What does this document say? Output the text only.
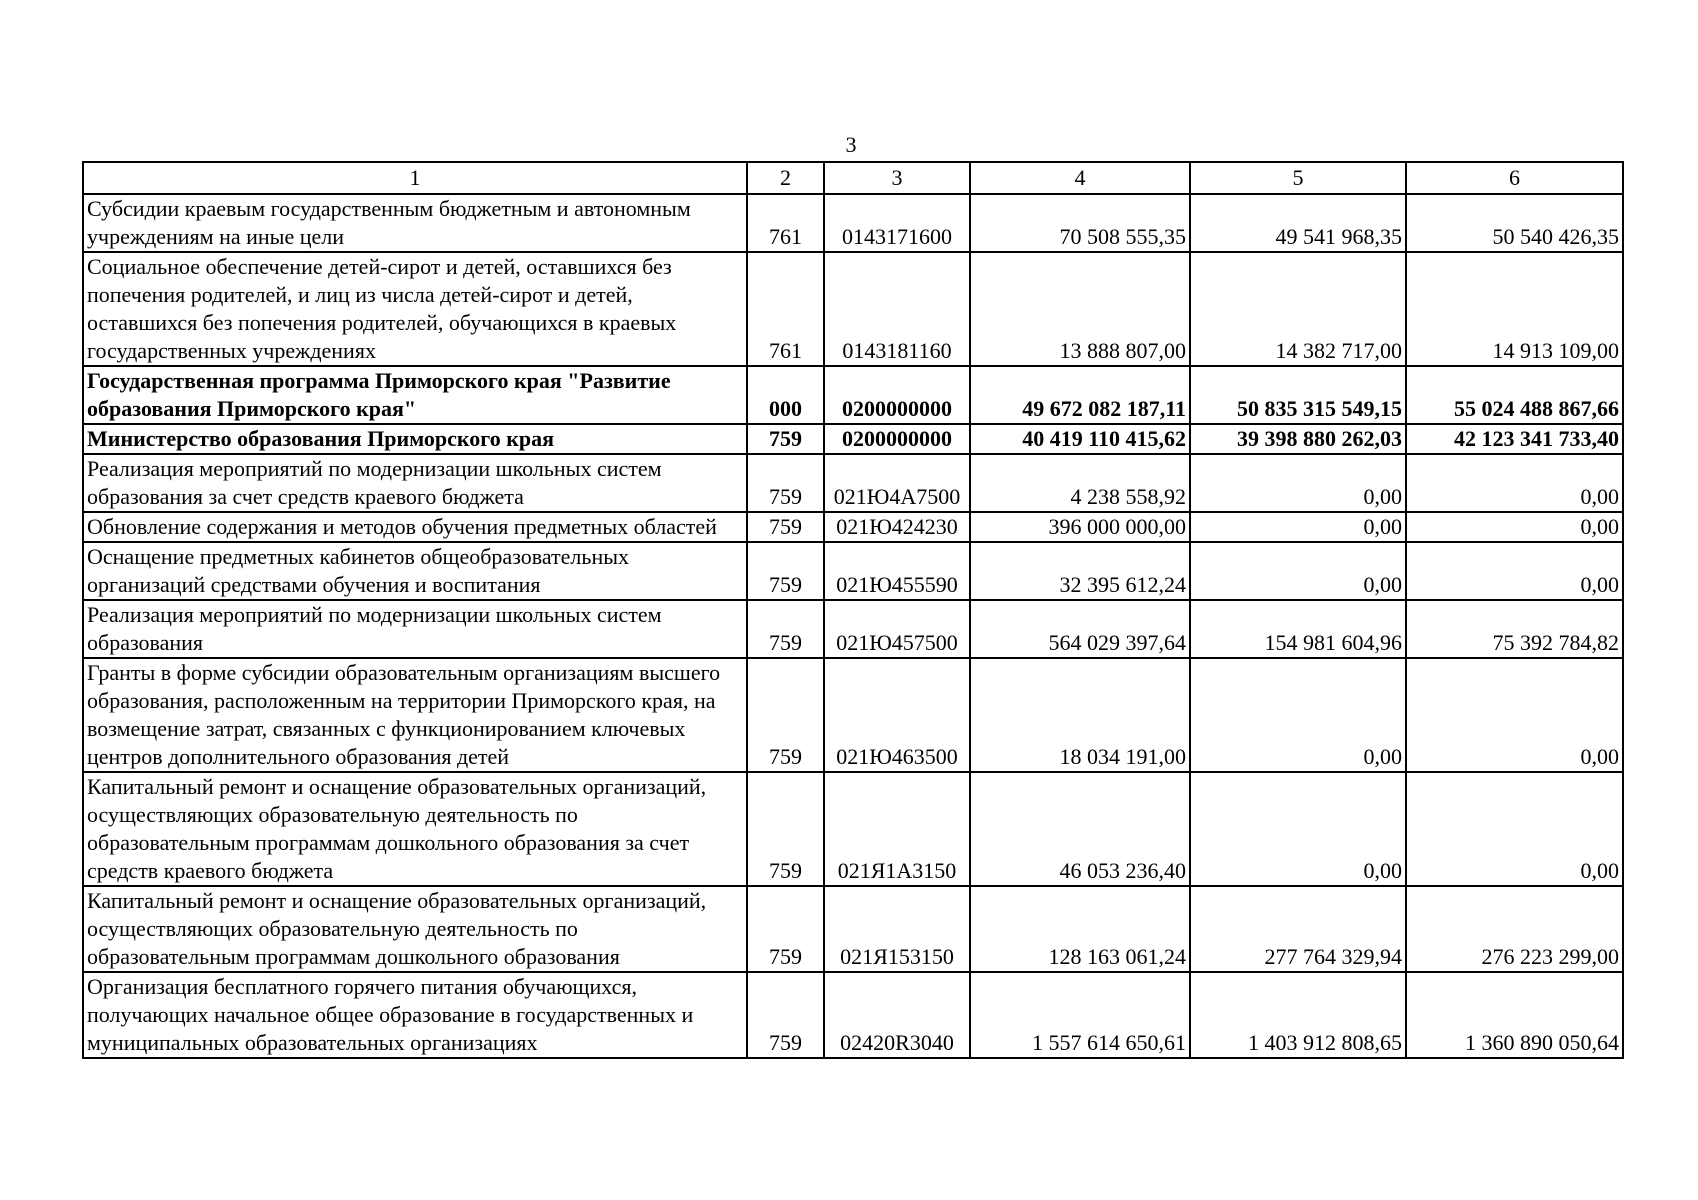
3
1	2	3	4	5	6
Субсидии краевым государственным бюджетным и автономным учреждениям на иные цели	761	0143171600	70 508 555,35	49 541 968,35	50 540 426,35
Социальное обеспечение детей-сирот и детей, оставшихся без попечения родителей, и лиц из числа детей-сирот и детей, оставшихся без попечения родителей, обучающихся в краевых государственных учреждениях	761	0143181160	13 888 807,00	14 382 717,00	14 913 109,00
Государственная программа Приморского края "Развитие образования Приморского края"	000	0200000000	49 672 082 187,11	50 835 315 549,15	55 024 488 867,66
Министерство образования Приморского края	759	0200000000	40 419 110 415,62	39 398 880 262,03	42 123 341 733,40
Реализация мероприятий по модернизации школьных систем образования за счет средств краевого бюджета	759	021Ю4А7500	4 238 558,92	0,00	0,00
Обновление содержания и методов обучения предметных областей	759	021Ю424230	396 000 000,00	0,00	0,00
Оснащение предметных кабинетов общеобразовательных организаций средствами обучения и воспитания	759	021Ю455590	32 395 612,24	0,00	0,00
Реализация мероприятий по модернизации школьных систем образования	759	021Ю457500	564 029 397,64	154 981 604,96	75 392 784,82
Гранты в форме субсидии образовательным организациям высшего образования, расположенным на территории Приморского края, на возмещение затрат, связанных с функционированием ключевых центров дополнительного образования детей	759	021Ю463500	18 034 191,00	0,00	0,00
Капитальный ремонт и оснащение образовательных организаций, осуществляющих образовательную деятельность по образовательным программам дошкольного образования за счет средств краевого бюджета	759	021Я1А3150	46 053 236,40	0,00	0,00
Капитальный ремонт и оснащение образовательных организаций, осуществляющих образовательную деятельность по образовательным программам дошкольного образования	759	021Я153150	128 163 061,24	277 764 329,94	276 223 299,00
Организация бесплатного горячего питания обучающихся, получающих начальное общее образование в государственных и муниципальных образовательных организациях	759	02420R3040	1 557 614 650,61	1 403 912 808,65	1 360 890 050,64
